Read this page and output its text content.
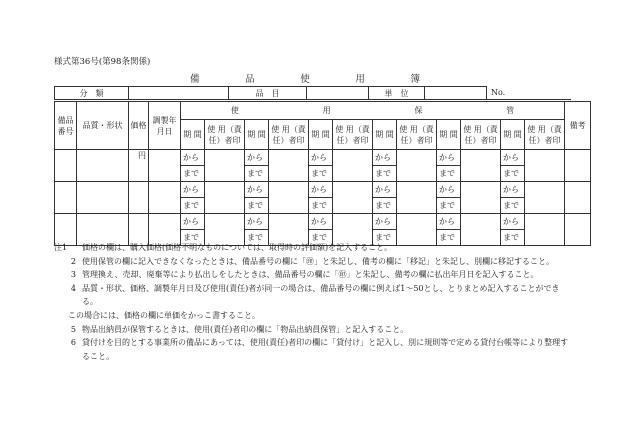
様式第36号(第98条関係)
備	品	使	用	簿
分　類		品　目		単　位		No.
備品番号	品質・形状	価格	調製年月日	使 用 保 管												備考
				期 間	使 用（責任）者印	期 間	使 用（責任）者印	期 間	使 用（責任）者印	期 間	使 用（責任）者印	期 間	使 用（責任）者印	期 間	使 用（責任）者印	
		円		から		から		から		から		から		から		
				まで		まで		まで		まで		まで		まで		
				から		から		から		から		から		から		
				まで		まで		まで		まで		まで		まで		
				から		から		から		から		から		から		
				まで		まで		まで		まで		まで		まで		
注1	価格の欄は、購入価格(価格不明なものについては、取得時の評価額)を記入すること。
2 使用保管の欄に記入できなくなったときは、備品番号の欄に「㊞」と朱記し、備考の欄に「移記」と朱記し、別欄に移記すること。
3 管理換え、売却、廃棄等により払出しをしたときは、備品番号の欄に「㊞」と朱記し、備考の欄に払出年月日を記入すること。
4 品質・形状、価格、調製年月日及び使用(責任)者が同一の場合は、備品番号の欄に例えば1～50とし、とりまとめ記入することができる。
この場合には、価格の欄に単価をかっこ書すること。
5 物品出納員が保管するときは、使用(責任)者印の欄に「物品出納員保管」と記入すること。
6 貸付けを目的とする事業所の備品にあっては、使用(責任)者印の欄に「貸付け」と記入し、別に規則等で定める貸付台帳等により整理す
ること。
